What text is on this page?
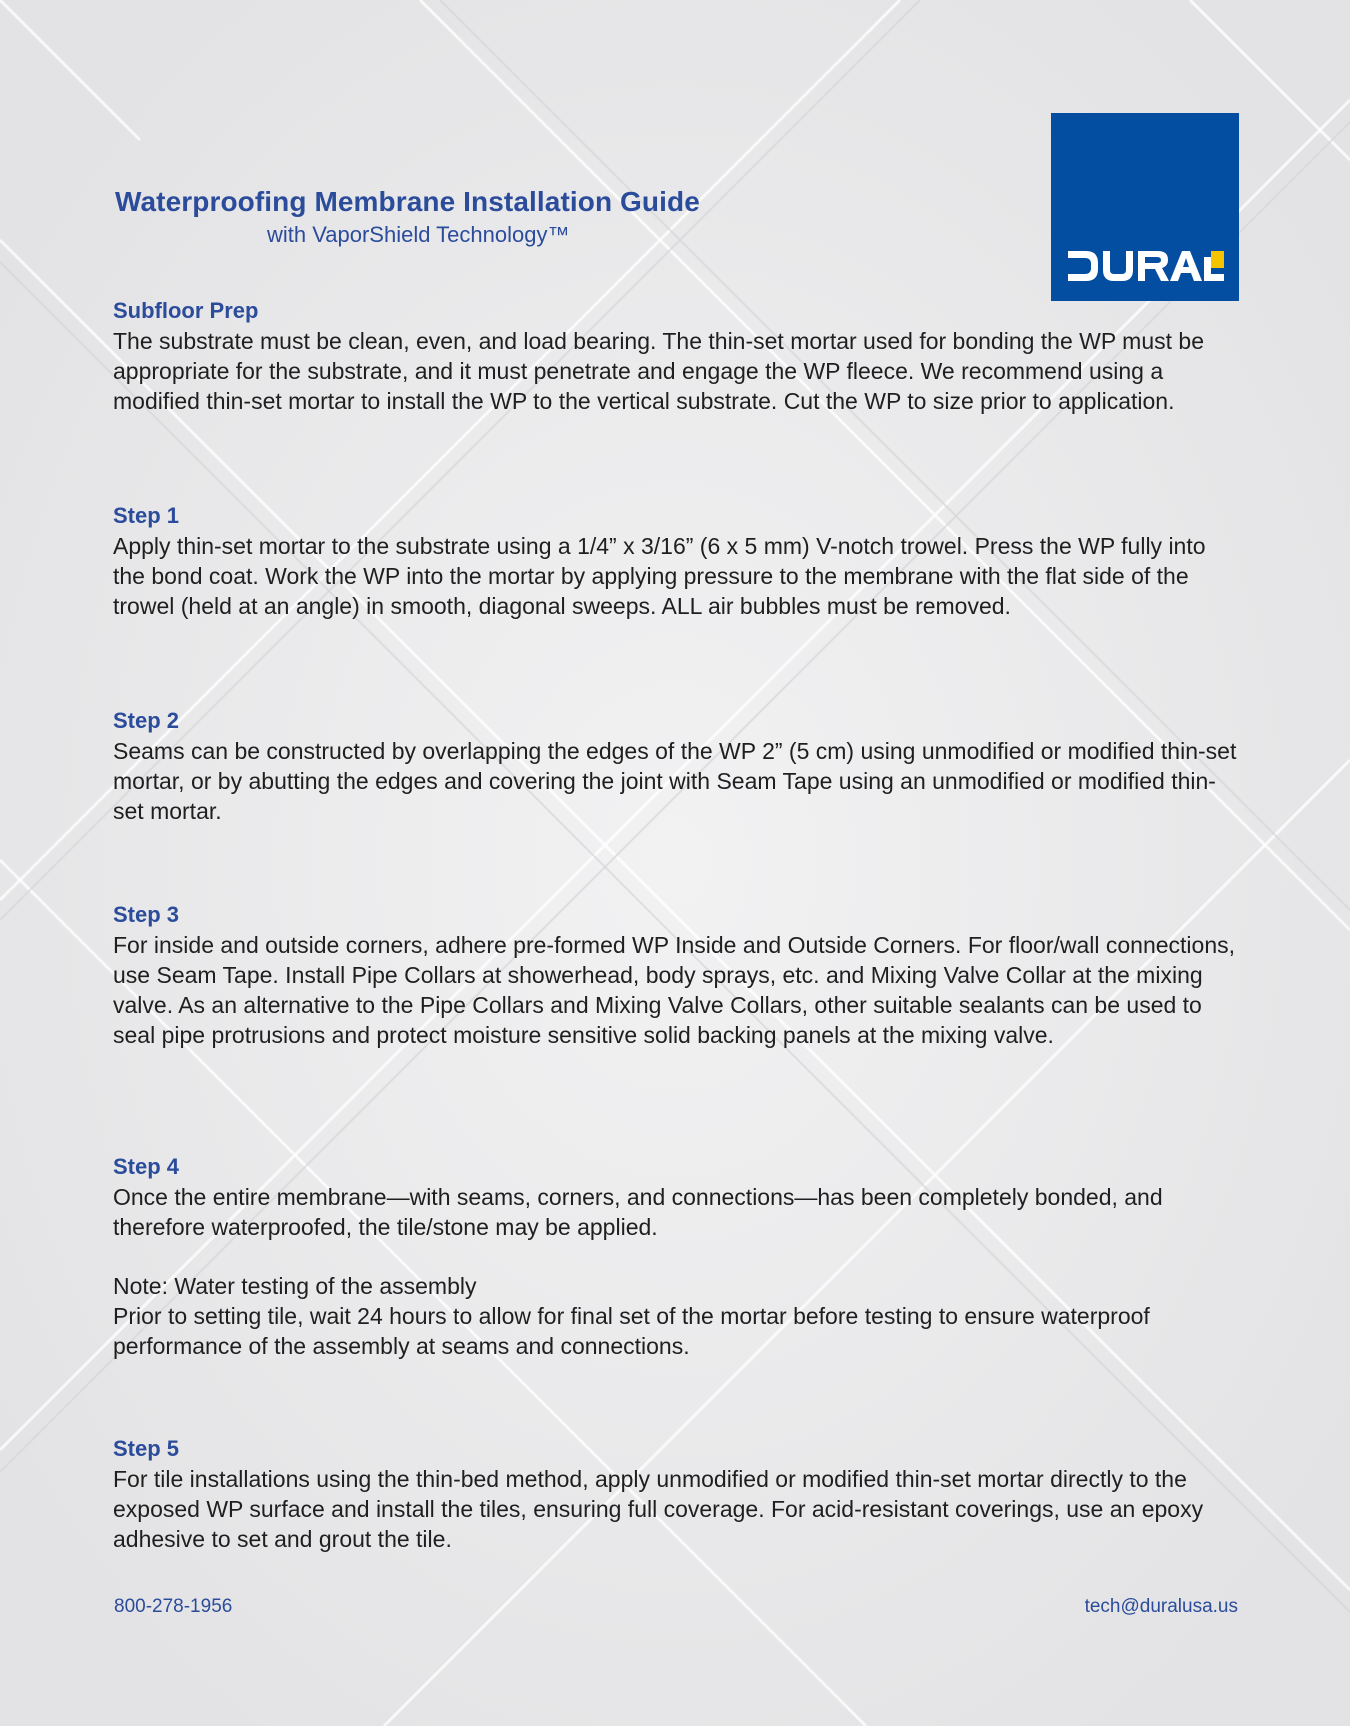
Waterproofing Membrane Installation Guide
with VaporShield Technology™
Subfloor Prep

The substrate must be clean, even, and load bearing. The thin-set mortar used for bonding the WP must be appropriate for the substrate, and it must penetrate and engage the WP fleece. We recommend using a modified thin-set mortar to install the WP to the vertical substrate. Cut the WP to size prior to application.

Step 1

Apply thin-set mortar to the substrate using a 1/4” x 3/16” (6 x 5 mm) V-notch trowel. Press the WP fully into the bond coat. Work the WP into the mortar by applying pressure to the membrane with the flat side of the trowel (held at an angle) in smooth, diagonal sweeps. ALL air bubbles must be removed.

Step 2

Seams can be constructed by overlapping the edges of the WP 2” (5 cm) using unmodified or modified thin-set mortar, or by abutting the edges and covering the joint with Seam Tape using an unmodified or modified thin-set mortar.

Step 3

For inside and outside corners, adhere pre-formed WP Inside and Outside Corners. For floor/wall connections, use Seam Tape. Install Pipe Collars at showerhead, body sprays, etc. and Mixing Valve Collar at the mixing valve. As an alternative to the Pipe Collars and Mixing Valve Collars, other suitable sealants can be used to seal pipe protrusions and protect moisture sensitive solid backing panels at the mixing valve.

Step 4

Once the entire membrane—with seams, corners, and connections—has been completely bonded, and therefore waterproofed, the tile/stone may be applied.

Note: Water testing of the assembly
Prior to setting tile, wait 24 hours to allow for final set of the mortar before testing to ensure waterproof performance of the assembly at seams and connections.
Step 5

For tile installations using the thin-bed method, apply unmodified or modified thin-set mortar directly to the exposed WP surface and install the tiles, ensuring full coverage. For acid-resistant coverings, use an epoxy adhesive to set and grout the tile.

800-278-1956	tech@duralusa.us
